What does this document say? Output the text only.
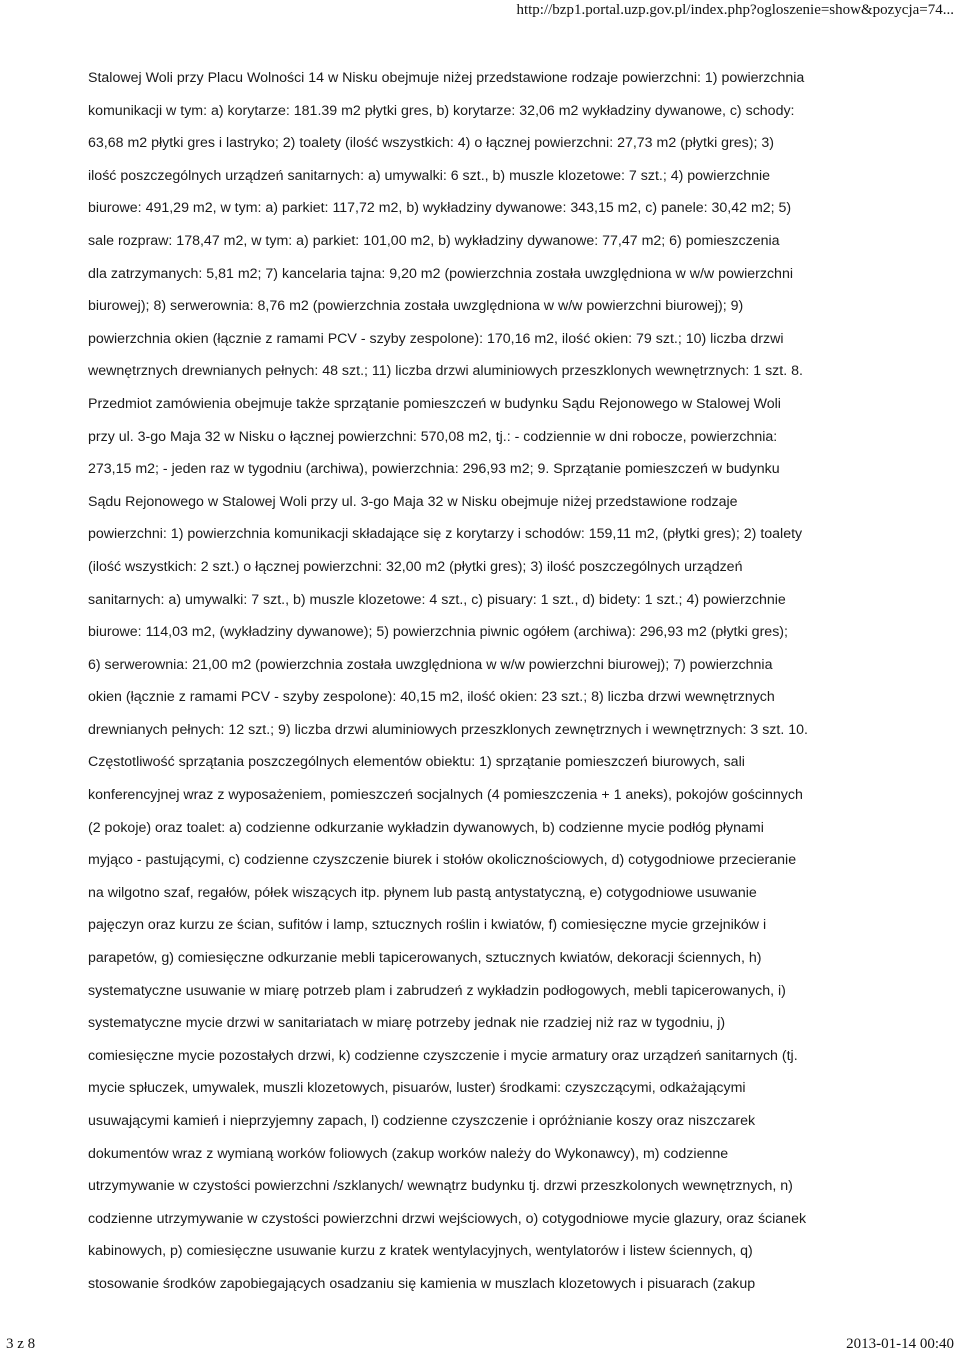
http://bzp1.portal.uzp.gov.pl/index.php?ogloszenie=show&pozycja=74...
Stalowej Woli przy Placu Wolności 14 w Nisku obejmuje niżej przedstawione rodzaje powierzchni: 1) powierzchnia
komunikacji w tym: a) korytarze: 181.39 m2 płytki gres, b) korytarze: 32,06 m2 wykładziny dywanowe, c) schody:
63,68 m2 płytki gres i lastryko; 2) toalety (ilość wszystkich: 4) o łącznej powierzchni: 27,73 m2 (płytki gres); 3)
ilość poszczególnych urządzeń sanitarnych: a) umywalki: 6 szt., b) muszle klozetowe: 7 szt.; 4) powierzchnie
biurowe: 491,29 m2, w tym: a) parkiet: 117,72 m2, b) wykładziny dywanowe: 343,15 m2, c) panele: 30,42 m2; 5)
sale rozpraw: 178,47 m2, w tym: a) parkiet: 101,00 m2, b) wykładziny dywanowe: 77,47 m2; 6) pomieszczenia
dla zatrzymanych: 5,81 m2; 7) kancelaria tajna: 9,20 m2 (powierzchnia została uwzględniona w w/w powierzchni
biurowej); 8) serwerownia: 8,76 m2 (powierzchnia została uwzględniona w w/w powierzchni biurowej); 9)
powierzchnia okien (łącznie z ramami PCV - szyby zespolone): 170,16 m2, ilość okien: 79 szt.; 10) liczba drzwi
wewnętrznych drewnianych pełnych: 48 szt.; 11) liczba drzwi aluminiowych przeszklonych wewnętrznych: 1 szt. 8.
Przedmiot zamówienia obejmuje także sprzątanie pomieszczeń w budynku Sądu Rejonowego w Stalowej Woli
przy ul. 3-go Maja 32 w Nisku o łącznej powierzchni: 570,08 m2, tj.: - codziennie w dni robocze, powierzchnia:
273,15 m2; - jeden raz w tygodniu (archiwa), powierzchnia: 296,93 m2; 9. Sprzątanie pomieszczeń w budynku
Sądu Rejonowego w Stalowej Woli przy ul. 3-go Maja 32 w Nisku obejmuje niżej przedstawione rodzaje
powierzchni: 1) powierzchnia komunikacji składające się z korytarzy i schodów: 159,11 m2, (płytki gres); 2) toalety
(ilość wszystkich: 2 szt.) o łącznej powierzchni: 32,00 m2 (płytki gres); 3) ilość poszczególnych urządzeń
sanitarnych: a) umywalki: 7 szt., b) muszle klozetowe: 4 szt., c) pisuary: 1 szt., d) bidety: 1 szt.; 4) powierzchnie
biurowe: 114,03 m2, (wykładziny dywanowe); 5) powierzchnia piwnic ogółem (archiwa): 296,93 m2 (płytki gres);
6) serwerownia: 21,00 m2 (powierzchnia została uwzględniona w w/w powierzchni biurowej); 7) powierzchnia
okien (łącznie z ramami PCV - szyby zespolone): 40,15 m2, ilość okien: 23 szt.; 8) liczba drzwi wewnętrznych
drewnianych pełnych: 12 szt.; 9) liczba drzwi aluminiowych przeszklonych zewnętrznych i wewnętrznych: 3 szt. 10.
Częstotliwość sprzątania poszczególnych elementów obiektu: 1) sprzątanie pomieszczeń biurowych, sali
konferencyjnej wraz z wyposażeniem, pomieszczeń socjalnych (4 pomieszczenia + 1 aneks), pokojów gościnnych
(2 pokoje) oraz toalet: a) codzienne odkurzanie wykładzin dywanowych, b) codzienne mycie podłóg płynami
myjąco - pastującymi, c) codzienne czyszczenie biurek i stołów okolicznościowych, d) cotygodniowe przecieranie
na wilgotno szaf, regałów, półek wiszących itp. płynem lub pastą antystatyczną, e) cotygodniowe usuwanie
pajęczyn oraz kurzu ze ścian, sufitów i lamp, sztucznych roślin i kwiatów, f) comiesięczne mycie grzejników i
parapetów, g) comiesięczne odkurzanie mebli tapicerowanych, sztucznych kwiatów, dekoracji ściennych, h)
systematyczne usuwanie w miarę potrzeb plam i zabrudzeń z wykładzin podłogowych, mebli tapicerowanych, i)
systematyczne mycie drzwi w sanitariatach w miarę potrzeby jednak nie rzadziej niż raz w tygodniu, j)
comiesięczne mycie pozostałych drzwi, k) codzienne czyszczenie i mycie armatury oraz urządzeń sanitarnych (tj.
mycie spłuczek, umywalek, muszli klozetowych, pisuarów, luster) środkami: czyszczącymi, odkażającymi
usuwającymi kamień i nieprzyjemny zapach, l) codzienne czyszczenie i opróżnianie koszy oraz niszczarek
dokumentów wraz z wymianą worków foliowych (zakup worków należy do Wykonawcy), m) codzienne
utrzymywanie w czystości powierzchni /szklanych/ wewnątrz budynku tj. drzwi przeszkolonych wewnętrznych, n)
codzienne utrzymywanie w czystości powierzchni drzwi wejściowych, o) cotygodniowe mycie glazury, oraz ścianek
kabinowych, p) comiesięczne usuwanie kurzu z kratek wentylacyjnych, wentylatorów i listew ściennych, q)
stosowanie środków zapobiegających osadzaniu się kamienia w muszlach klozetowych i pisuarach (zakup
3 z 8	2013-01-14 00:40
